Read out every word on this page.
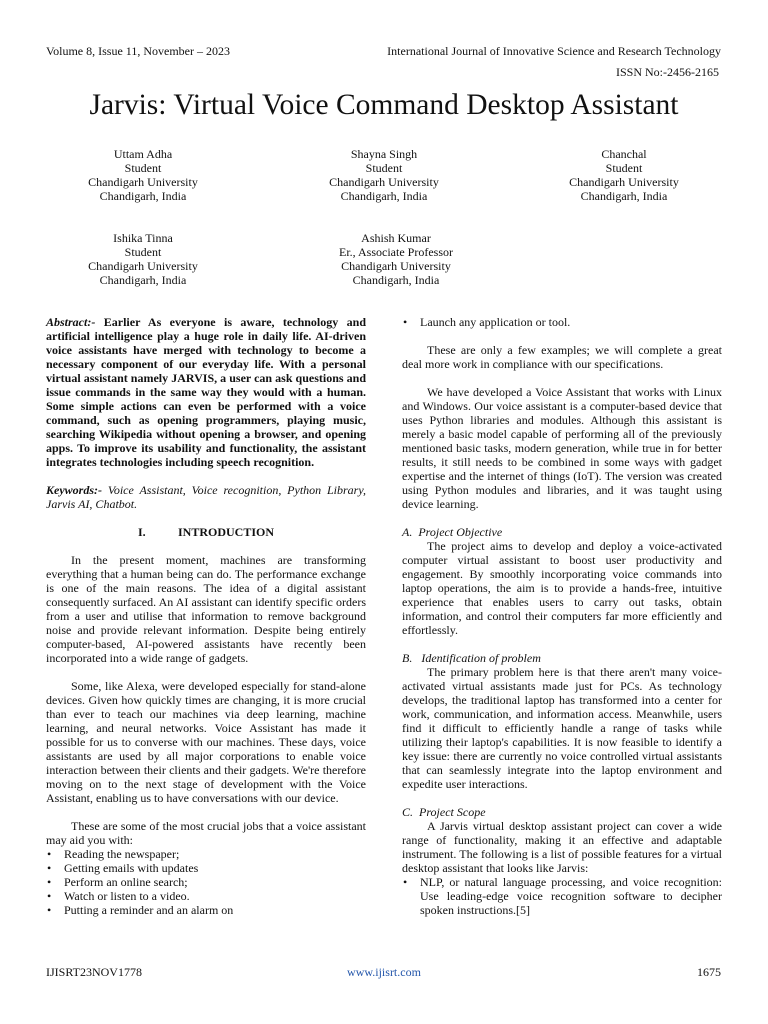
Volume 8, Issue 11, November – 2023	International Journal of Innovative Science and Research Technology
ISSN No:-2456-2165
Jarvis: Virtual Voice Command Desktop Assistant
Uttam Adha
Student
Chandigarh University
Chandigarh, India
Shayna Singh
Student
Chandigarh University
Chandigarh, India
Chanchal
Student
Chandigarh University
Chandigarh, India
Ishika Tinna
Student
Chandigarh University
Chandigarh, India
Ashish Kumar
Er., Associate Professor
Chandigarh University
Chandigarh, India

Abstract:- Earlier As everyone is aware, technology and artificial intelligence play a huge role in daily life. AI-driven voice assistants have merged with technology to become a necessary component of our everyday life. With a personal virtual assistant namely JARVIS, a user can ask questions and issue commands in the same way they would with a human. Some simple actions can even be performed with a voice command, such as opening programmers, playing music, searching Wikipedia without opening a browser, and opening apps. To improve its usability and functionality, the assistant integrates technologies including speech recognition.

Keywords:- Voice Assistant, Voice recognition, Python Library, Jarvis AI, Chatbot.

I.	INTRODUCTION

In the present moment, machines are transforming everything that a human being can do. The performance exchange is one of the main reasons. The idea of a digital assistant consequently surfaced. An AI assistant can identify specific orders from a user and utilise that information to remove background noise and provide relevant information. Despite being entirely computer-based, AI-powered assistants have recently been incorporated into a wide range of gadgets.

Some, like Alexa, were developed especially for stand-alone devices. Given how quickly times are changing, it is more crucial than ever to teach our machines via deep learning, machine learning, and neural networks. Voice Assistant has made it possible for us to converse with our machines. These days, voice assistants are used by all major corporations to enable voice interaction between their clients and their gadgets. We're therefore moving on to the next stage of development with the Voice Assistant, enabling us to have conversations with our device.

These are some of the most crucial jobs that a voice assistant may aid you with:

• Reading the newspaper;
• Getting emails with updates
• Perform an online search;
• Watch or listen to a video.
• Putting a reminder and an alarm on
• Launch any application or tool.

These are only a few examples; we will complete a great deal more work in compliance with our specifications.

We have developed a Voice Assistant that works with Linux and Windows. Our voice assistant is a computer-based device that uses Python libraries and modules. Although this assistant is merely a basic model capable of performing all of the previously mentioned basic tasks, modern generation, while true in for better results, it still needs to be combined in some ways with gadget expertise and the internet of things (IoT). The version was created using Python modules and libraries, and it was taught using device learning.

A.  Project Objective

The project aims to develop and deploy a voice-activated computer virtual assistant to boost user productivity and engagement. By smoothly incorporating voice commands into laptop operations, the aim is to provide a hands-free, intuitive experience that enables users to carry out tasks, obtain information, and control their computers far more efficiently and effortlessly.

B.   Identification of problem

The primary problem here is that there aren't many voice-activated virtual assistants made just for PCs. As technology develops, the traditional laptop has transformed into a center for work, communication, and information access. Meanwhile, users find it difficult to efficiently handle a range of tasks while utilizing their laptop's capabilities. It is now feasible to identify a key issue: there are currently no voice controlled virtual assistants that can seamlessly integrate into the laptop environment and expedite user interactions.

C.  Project Scope

A Jarvis virtual desktop assistant project can cover a wide range of functionality, making it an effective and adaptable instrument. The following is a list of possible features for a virtual desktop assistant that looks like Jarvis:

• NLP, or natural language processing, and voice recognition: Use leading-edge voice recognition software to decipher spoken instructions.[5]
IJISRT23NOV1778	www.ijisrt.com	1675
